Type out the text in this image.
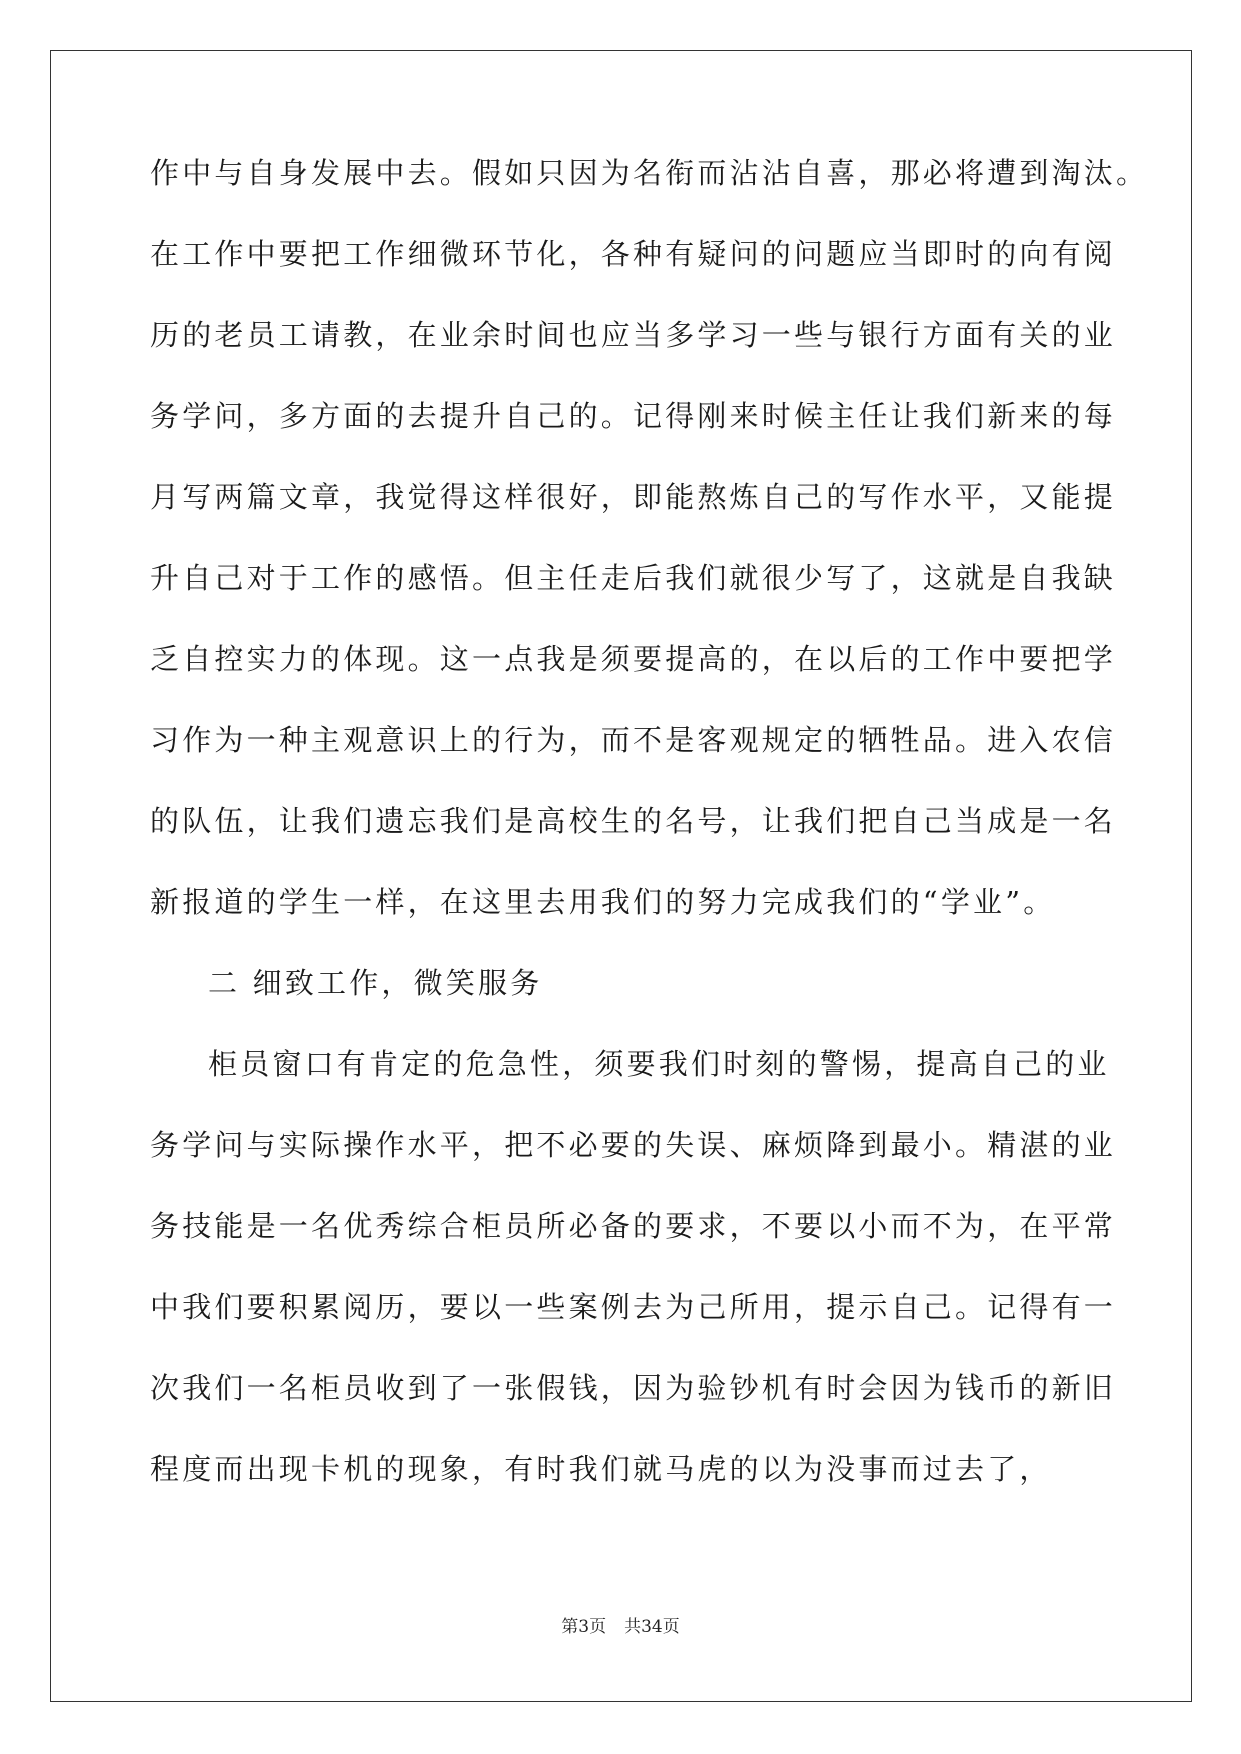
作中与自身发展中去。假如只因为名衔而沾沾自喜，那必将遭到淘汰。
在工作中要把工作细微环节化，各种有疑问的问题应当即时的向有阅
历的老员工请教，在业余时间也应当多学习一些与银行方面有关的业
务学问，多方面的去提升自己的。记得刚来时候主任让我们新来的每
月写两篇文章，我觉得这样很好，即能熬炼自己的写作水平，又能提
升自己对于工作的感悟。但主任走后我们就很少写了，这就是自我缺
乏自控实力的体现。这一点我是须要提高的，在以后的工作中要把学
习作为一种主观意识上的行为，而不是客观规定的牺牲品。进入农信
的队伍，让我们遗忘我们是高校生的名号，让我们把自己当成是一名
新报道的学生一样，在这里去用我们的努力完成我们的“学业”。
二 细致工作，微笑服务
柜员窗口有肯定的危急性，须要我们时刻的警惕，提高自己的业
务学问与实际操作水平，把不必要的失误、麻烦降到最小。精湛的业
务技能是一名优秀综合柜员所必备的要求，不要以小而不为，在平常
中我们要积累阅历，要以一些案例去为己所用，提示自己。记得有一
次我们一名柜员收到了一张假钱，因为验钞机有时会因为钱币的新旧
程度而出现卡机的现象，有时我们就马虎的以为没事而过去了，
第3页 共34页
